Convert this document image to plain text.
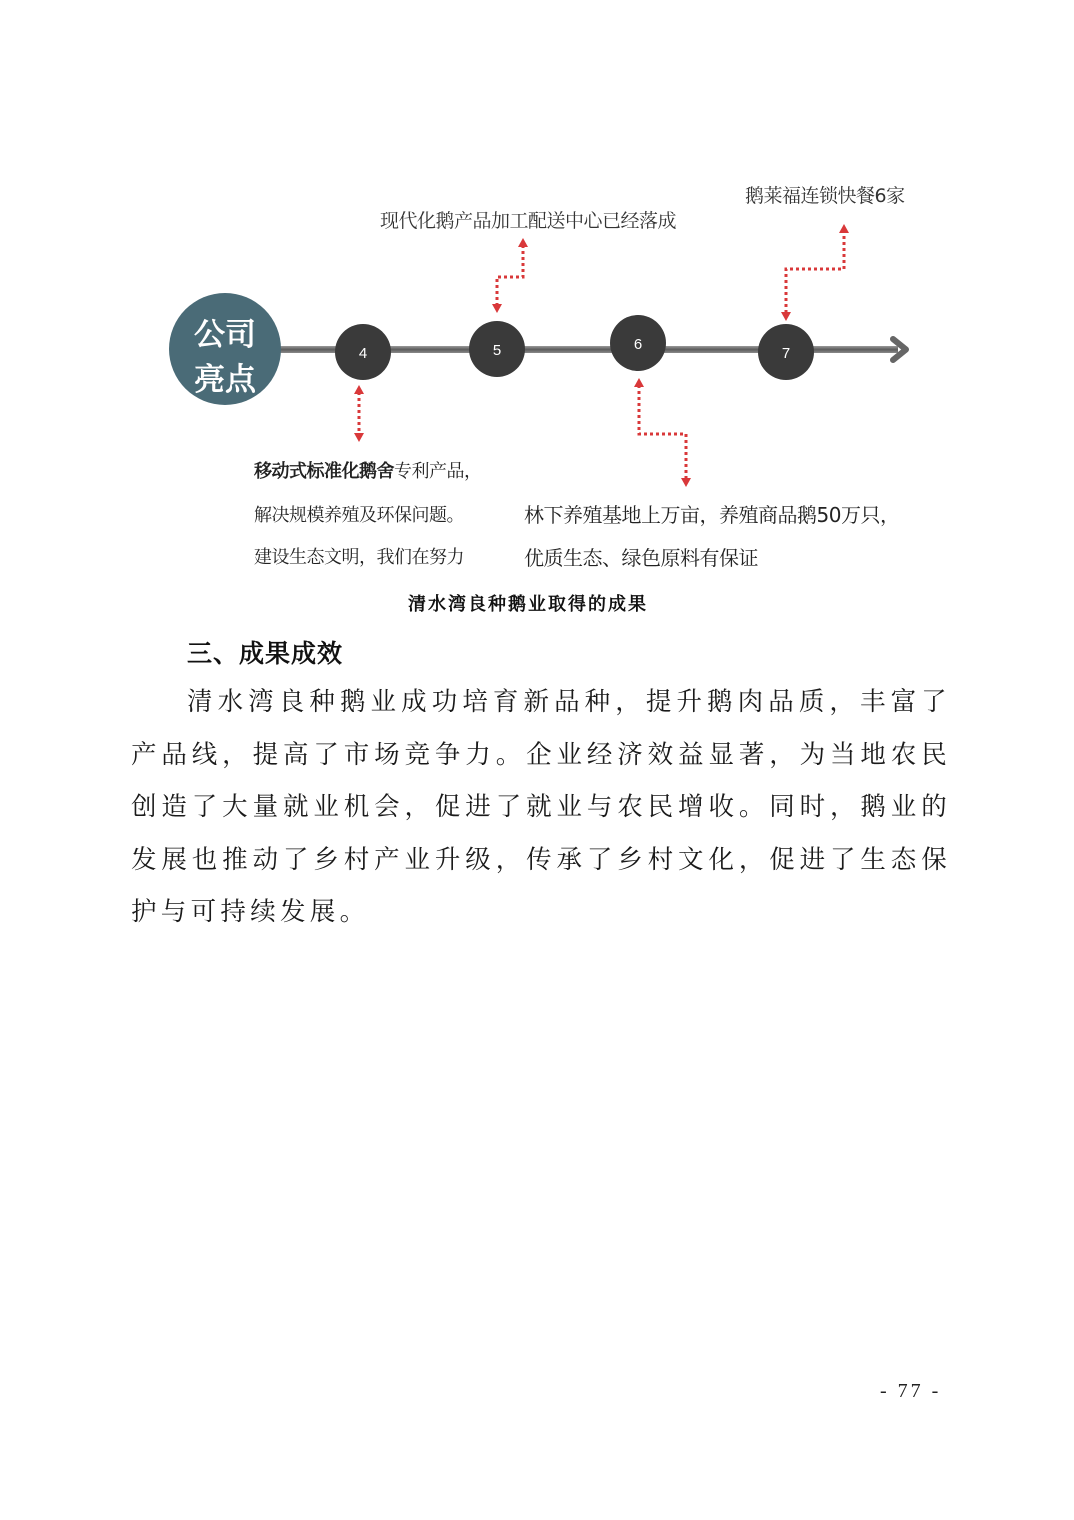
公司
亮点
4	5	6
7
现代化鹅产品加工配送中心已经落成
鹅莱福连锁快餐6家
移动式标准化鹅舍专利产品，
解决规模养殖及环保问题。
建设生态文明，我们在努力
林下养殖基地上万亩，养殖商品鹅50万只，
优质生态、绿色原料有保证
清水湾良种鹅业取得的成果
三、成果成效
清水湾良种鹅业成功培育新品种，提升鹅肉品质，丰富了产品线，提高了市场竞争力。企业经济效益显著，为当地农民创造了大量就业机会，促进了就业与农民增收。同时，鹅业的发展也推动了乡村产业升级，传承了乡村文化，促进了生态保护与可持续发展。
- 77 -
